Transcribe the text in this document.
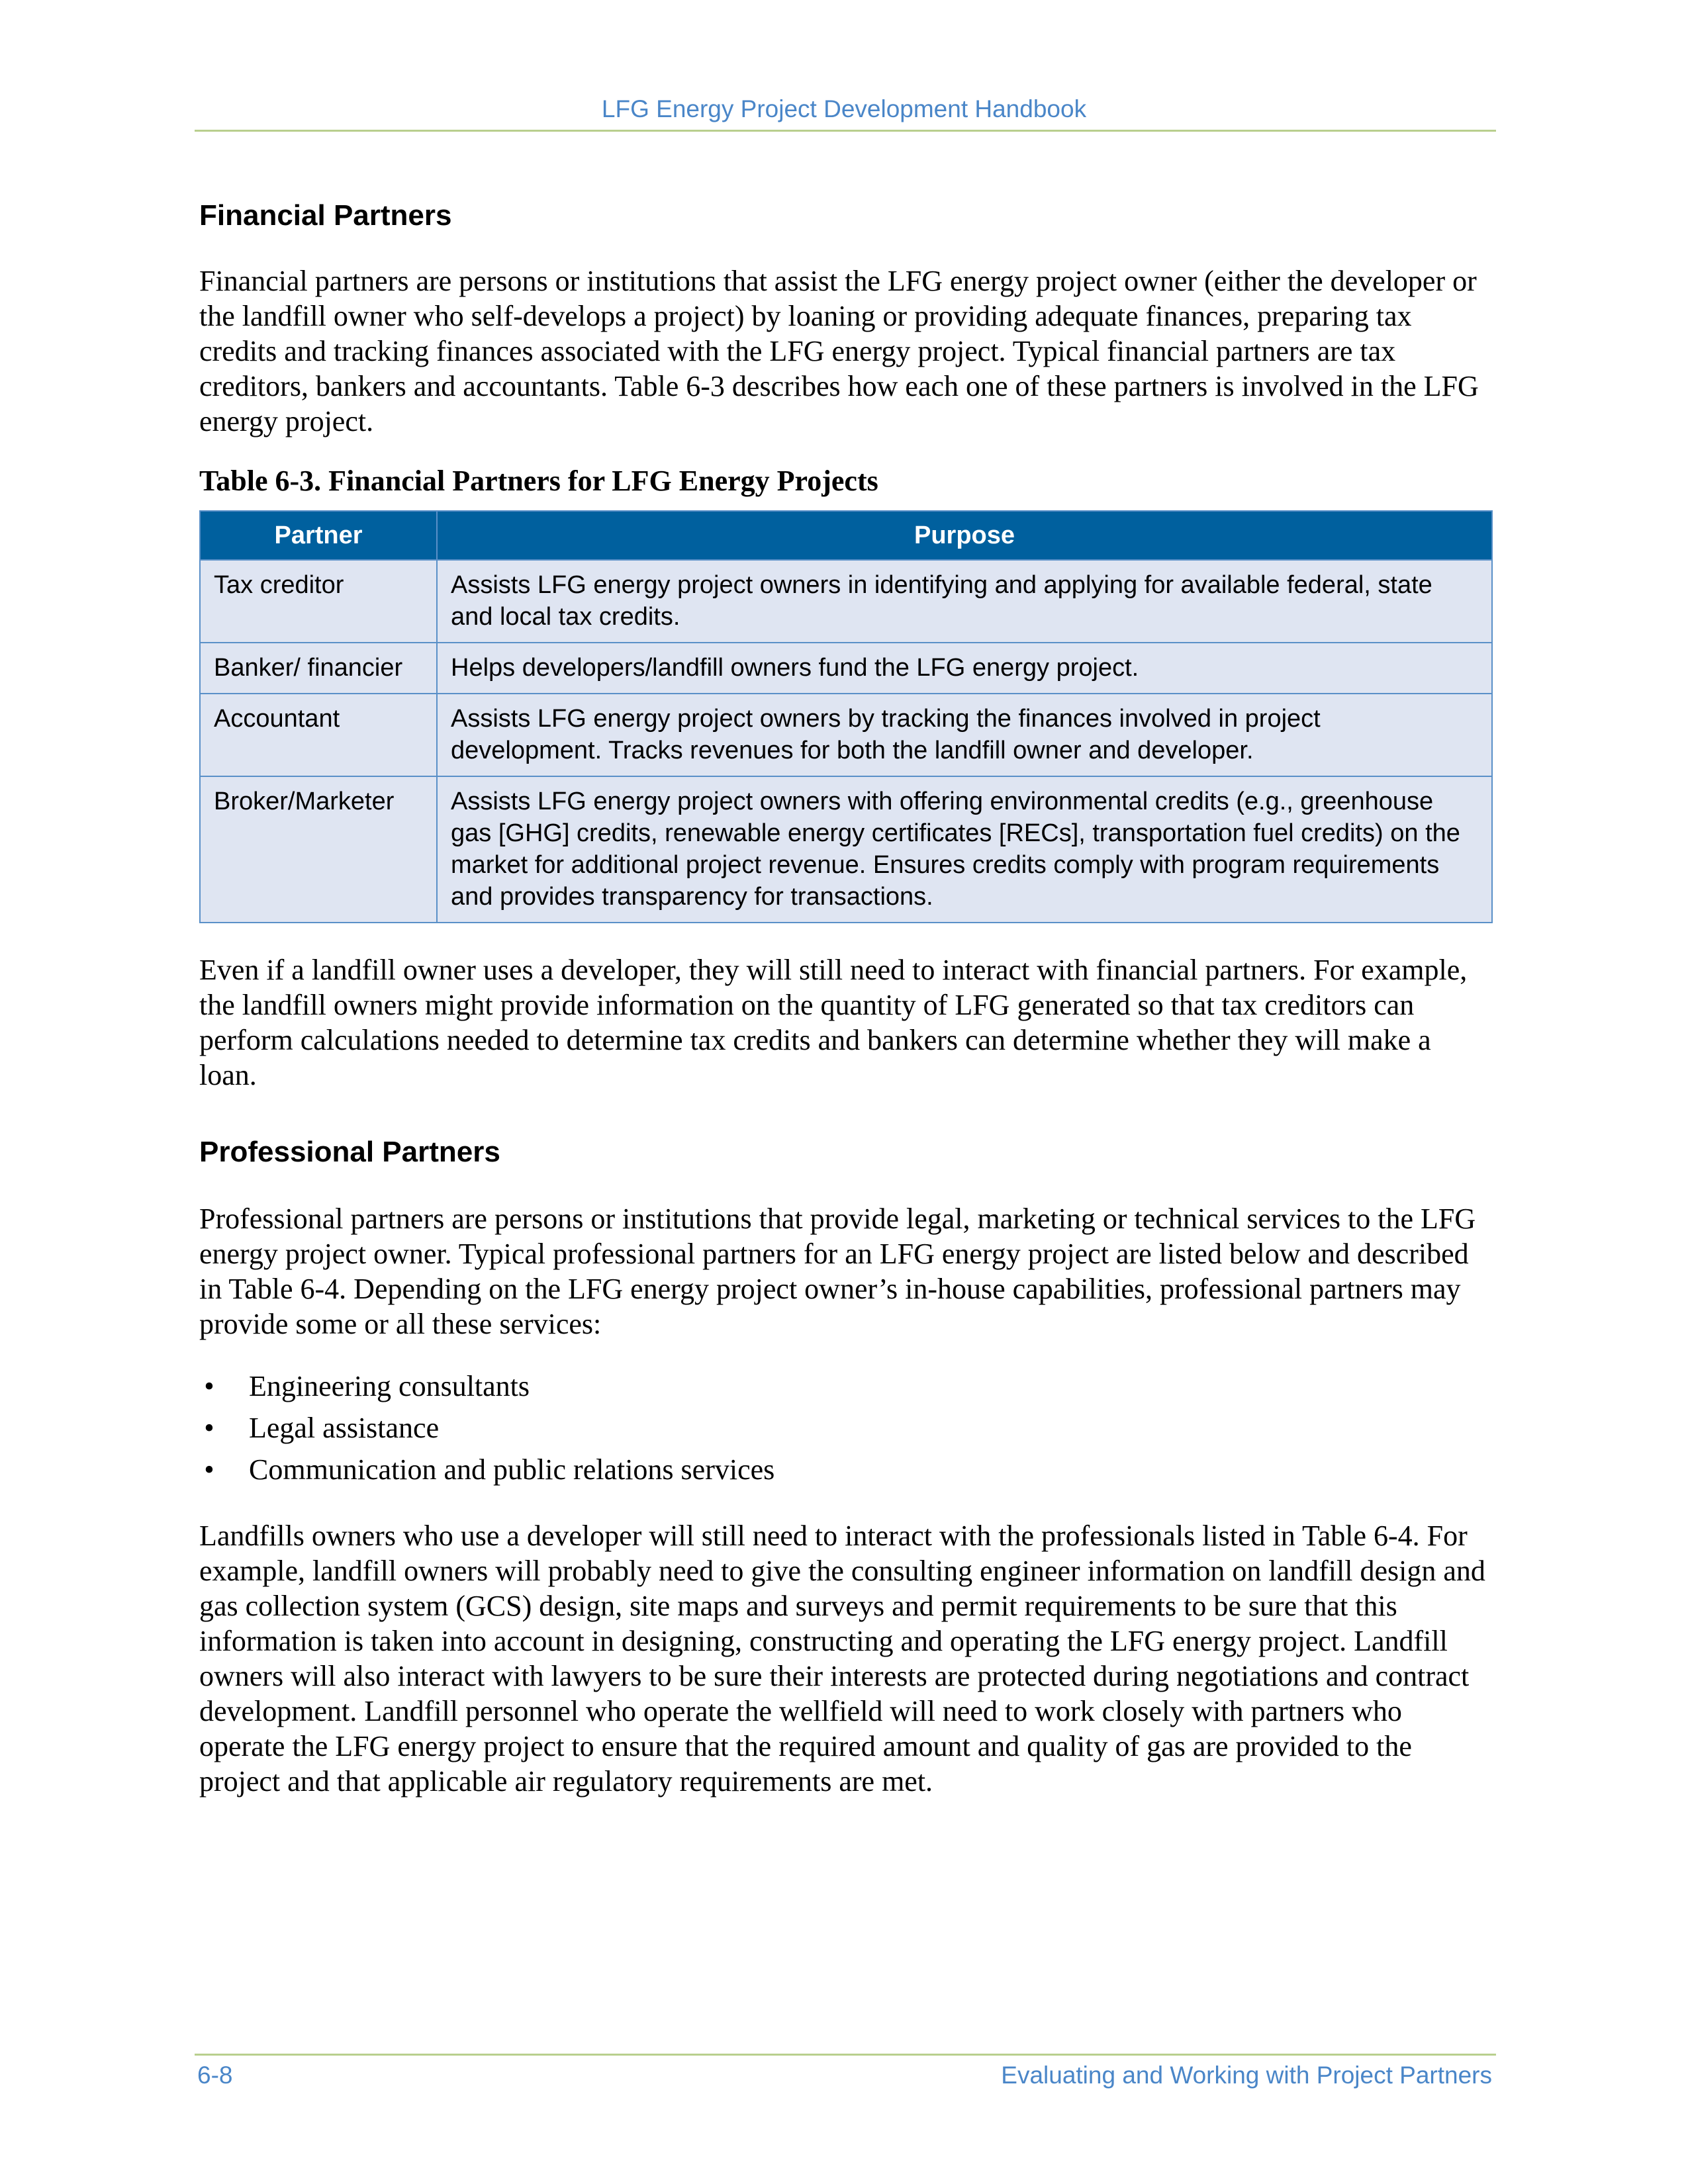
LFG Energy Project Development Handbook
Financial Partners

Financial partners are persons or institutions that assist the LFG energy project owner (either the developer or the landfill owner who self-develops a project) by loaning or providing adequate finances, preparing tax credits and tracking finances associated with the LFG energy project. Typical financial partners are tax creditors, bankers and accountants. Table 6-3 describes how each one of these partners is involved in the LFG energy project.

Table 6-3. Financial Partners for LFG Energy Projects
Partner	Purpose
Tax creditor	Assists LFG energy project owners in identifying and applying for available federal, state and local tax credits.
Banker/ financier	Helps developers/landfill owners fund the LFG energy project.
Accountant	Assists LFG energy project owners by tracking the finances involved in project development. Tracks revenues for both the landfill owner and developer.
Broker/Marketer	Assists LFG energy project owners with offering environmental credits (e.g., greenhouse gas [GHG] credits, renewable energy certificates [RECs], transportation fuel credits) on the market for additional project revenue. Ensures credits comply with program requirements and provides transparency for transactions.

Even if a landfill owner uses a developer, they will still need to interact with financial partners. For example, the landfill owners might provide information on the quantity of LFG generated so that tax creditors can perform calculations needed to determine tax credits and bankers can determine whether they will make a loan.

Professional Partners

Professional partners are persons or institutions that provide legal, marketing or technical services to the LFG energy project owner. Typical professional partners for an LFG energy project are listed below and described in Table 6-4. Depending on the LFG energy project owner’s in-house capabilities, professional partners may provide some or all these services:

• Engineering consultants
• Legal assistance
• Communication and public relations services

Landfills owners who use a developer will still need to interact with the professionals listed in Table 6-4. For example, landfill owners will probably need to give the consulting engineer information on landfill design and gas collection system (GCS) design, site maps and surveys and permit requirements to be sure that this information is taken into account in designing, constructing and operating the LFG energy project. Landfill owners will also interact with lawyers to be sure their interests are protected during negotiations and contract development. Landfill personnel who operate the wellfield will need to work closely with partners who operate the LFG energy project to ensure that the required amount and quality of gas are provided to the project and that applicable air regulatory requirements are met.

6-8	Evaluating and Working with Project Partners
